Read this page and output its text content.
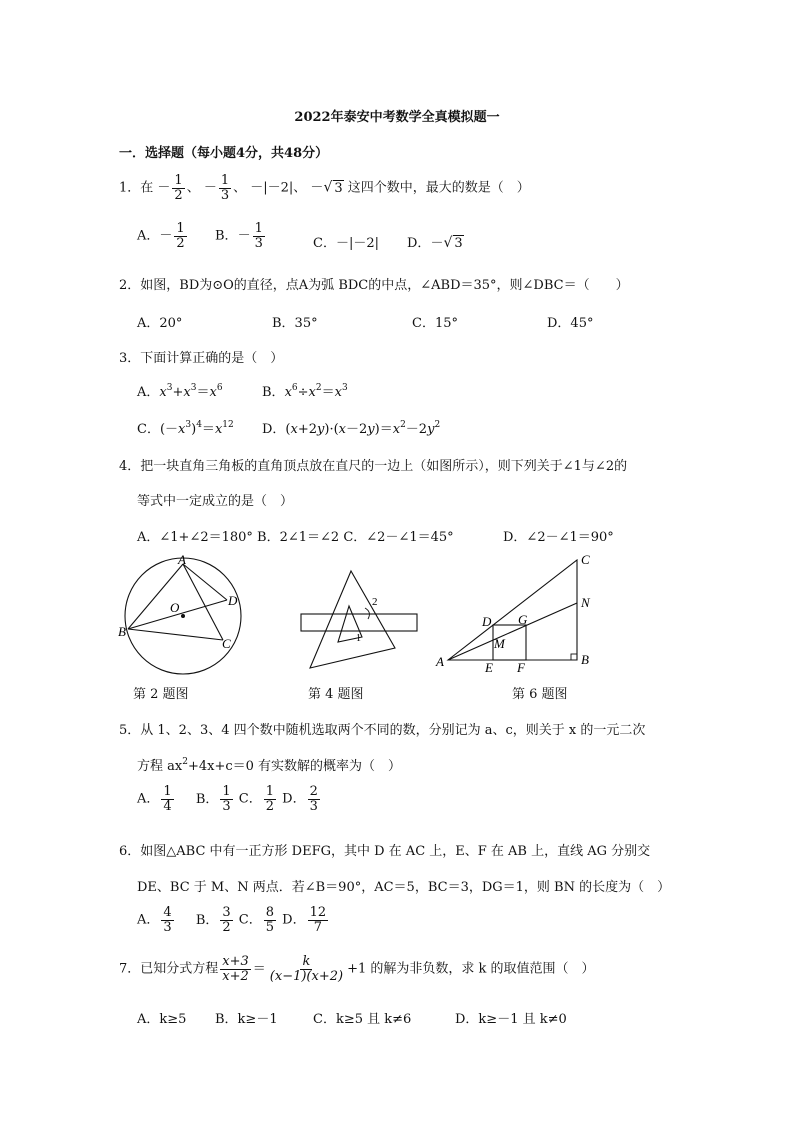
2022年泰安中考数学全真模拟题一
一．选择题（每小题4分，共48分）
1．在 － $\frac{1}{2}$ 、 － $\frac{1}{3}$ 、 －|－2|、 －√ 3 这四个数中，最大的数是（　）
A．－ $\frac{1}{2}$ B．－ $\frac{1}{3}$	C．－|－2| D．－√ 3
2．如图，BD为⊙O的直径，点A为弧 BDC的中点，∠ABD＝35°，则∠DBC＝（　　）
A．20°	B．35°	C．15°	D．45°
3．下面计算正确的是（　）
A．$x^3+x^3=x^6$	B．$x^6\div x^2=x^3$
C．$(-x^3)^4=x^{12}$ D．$(x+2y)\cdot(x-2y)=x^2-2y^2$
4．把一块直角三角板的直角顶点放在直尺的一边上（如图所示），则下列关于∠1与∠2的
等式中一定成立的是（　）
A．∠1+∠2＝180° B．2∠1＝∠2 C．∠2－∠1＝45°	D．∠2－∠1＝90°
A
O	D
B
C
2
1
C
N
D G
M
A	E F
B
第 2 题图	第 4 题图	第 6 题图
5．从 1、2、3、4 四个数中随机选取两个不同的数，分别记为 a、c，则关于 x 的一元二次
方程 $ax^2+4x+c=0$ 有实数解的概率为（　）
A． $\frac{1}{4}$ B． $\frac{1}{3}$ C． $\frac{1}{2}$ D． $\frac{2}{3}$
6．如图△ABC 中有一正方形 DEFG，其中 D 在 AC 上，E、F 在 AB 上，直线 AG 分别交
DE、BC 于 M、N 两点．若∠B＝90°，AC＝5，BC＝3，DG＝1，则 BN 的长度为（　）
A． $\frac{4}{3}$ B． $\frac{3}{2}$ C． $\frac{8}{5}$ D． $\frac{12}{7}$
7．已知分式方程 $\frac{x+3}{x+2} = \frac{k}{(x-1)(x+2)} +1$ 的解为非负数，求 k 的取值范围（　）
A．k≥5 B．k≥－1	C．k≥5 且 k≠6	D．k≥－1 且 k≠0
